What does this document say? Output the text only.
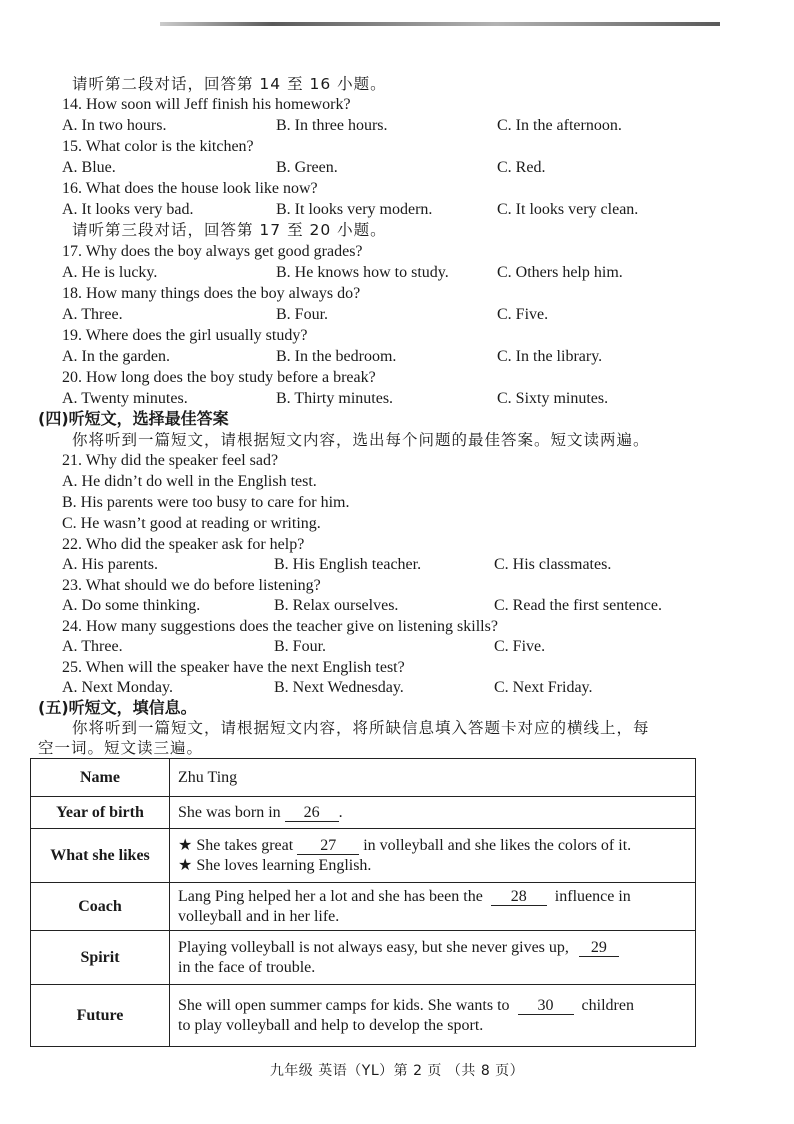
请听第二段对话，回答第 14 至 16 小题。
14. How soon will Jeff finish his homework?
A. In two hours.	B. In three hours.	C. In the afternoon.
15. What color is the kitchen?
A. Blue.	B. Green.	C. Red.
16. What does the house look like now?
A. It looks very bad.	B. It looks very modern.	C. It looks very clean.
请听第三段对话，回答第 17 至 20 小题。
17. Why does the boy always get good grades?
A. He is lucky.	B. He knows how to study.	C. Others help him.
18. How many things does the boy always do?
A. Three.	B. Four.	C. Five.
19. Where does the girl usually study?
A. In the garden.	B. In the bedroom.	C. In the library.
20. How long does the boy study before a break?
A. Twenty minutes.	B. Thirty minutes.	C. Sixty minutes.
(四)听短文，选择最佳答案
你将听到一篇短文，请根据短文内容，选出每个问题的最佳答案。短文读两遍。
21. Why did the speaker feel sad?
A. He didn’t do well in the English test.
B. His parents were too busy to care for him.
C. He wasn’t good at reading or writing.
22. Who did the speaker ask for help?
A. His parents.	B. His English teacher.	C. His classmates.
23. What should we do before listening?
A. Do some thinking.	B. Relax ourselves.	C. Read the first sentence.
24. How many suggestions does the teacher give on listening skills?
A. Three.	B. Four.	C. Five.
25. When will the speaker have the next English test?
A. Next Monday.	B. Next Wednesday.	C. Next Friday.
(五)听短文，填信息。
你将听到一篇短文，请根据短文内容，将所缺信息填入答题卡对应的横线上，每
空一词。短文读三遍。
Name	Zhu Ting
Year of birth	She was born in 26 .
What she likes	★ She takes great 27 in volleyball and she likes the colors of it.
★ She loves learning English.

Coach	Lang Ping helped her a lot and she has been the 28 influence in
volleyball and in her life.

Spirit	Playing volleyball is not always easy, but she never gives up, 29
in the face of trouble.

Future	She will open summer camps for kids. She wants to 30 children
to play volleyball and help to develop the sport.
九年级 英语（YL）第 2 页 （共 8 页）
